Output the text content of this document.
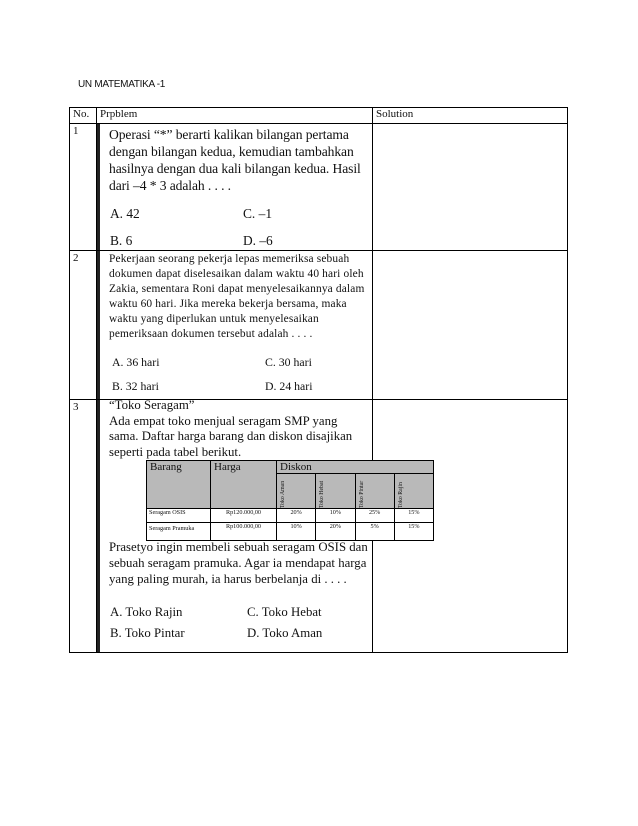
UN MATEMATIKA -1
No.	Prpblem	Solution
1	Operasi “*” berarti kalikan bilangan pertama dengan bilangan kedua, kemudian tambahkan hasilnya dengan dua kali bilangan kedua. Hasil dari –4 * 3 adalah . . . .
A. 42	C. –1
B. 6	D. –6

2	Pekerjaan seorang pekerja lepas memeriksa sebuah dokumen dapat diselesaikan dalam waktu 40 hari oleh Zakia, sementara Roni dapat menyelesaikannya dalam waktu 60 hari. Jika mereka bekerja bersama, maka waktu yang diperlukan untuk menyelesaikan pemeriksaan dokumen tersebut adalah . . . .
A. 36 hari	C. 30 hari
B. 32 hari	D. 24 hari

3	“Toko Seragam”
Ada empat toko menjual seragam SMP yang sama. Daftar harga barang dan diskon disajikan seperti pada tabel berikut.
Barang	Harga	Diskon

Toko Aman	Toko Hebat	Toko Pintar	Toko Rajin

Seragam OSIS	Rp120.000,00	20%	10%	25%	15%
Seragam Pramuka	Rp100.000,00	10%	20%	5%	15%
Prasetyo ingin membeli sebuah seragam OSIS dan sebuah seragam pramuka. Agar ia mendapat harga yang paling murah, ia harus berbelanja di . . . .
A. Toko Rajin	C. Toko Hebat
B. Toko Pintar	D. Toko Aman
